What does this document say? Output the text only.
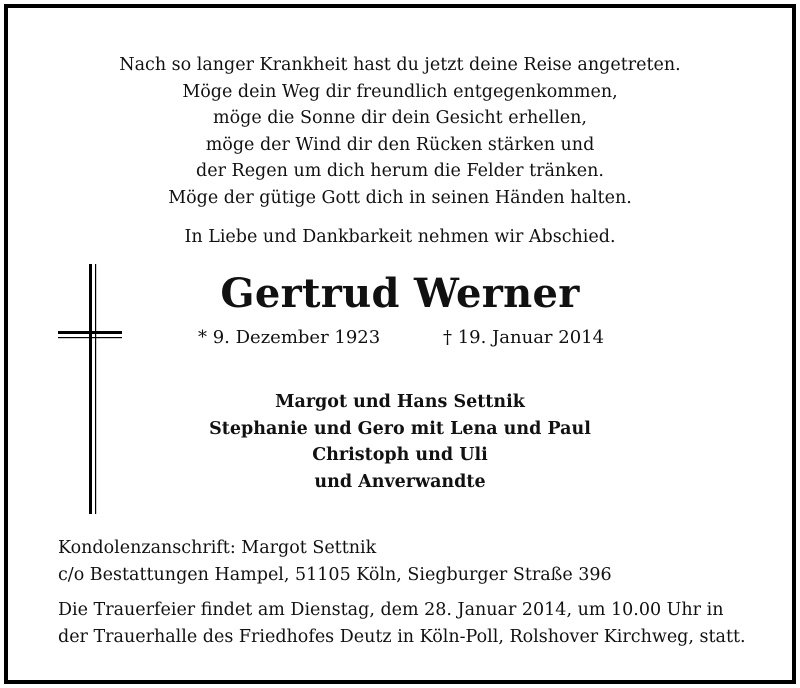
Nach so langer Krankheit hast du jetzt deine Reise angetreten.
Möge dein Weg dir freundlich entgegenkommen,
möge die Sonne dir dein Gesicht erhellen,
möge der Wind dir den Rücken stärken und
der Regen um dich herum die Felder tränken.
Möge der gütige Gott dich in seinen Händen halten.
In Liebe und Dankbarkeit nehmen wir Abschied.
Gertrud Werner
* 9. Dezember 1923	† 19. Januar 2014
Margot und Hans Settnik
Stephanie und Gero mit Lena und Paul
Christoph und Uli
und Anverwandte
Kondolenzanschrift: Margot Settnik
c/o Bestattungen Hampel, 51105 Köln, Siegburger Straße 396
Die Trauerfeier findet am Dienstag, dem 28. Januar 2014, um 10.00 Uhr in
der Trauerhalle des Friedhofes Deutz in Köln-Poll, Rolshover Kirchweg, statt.
